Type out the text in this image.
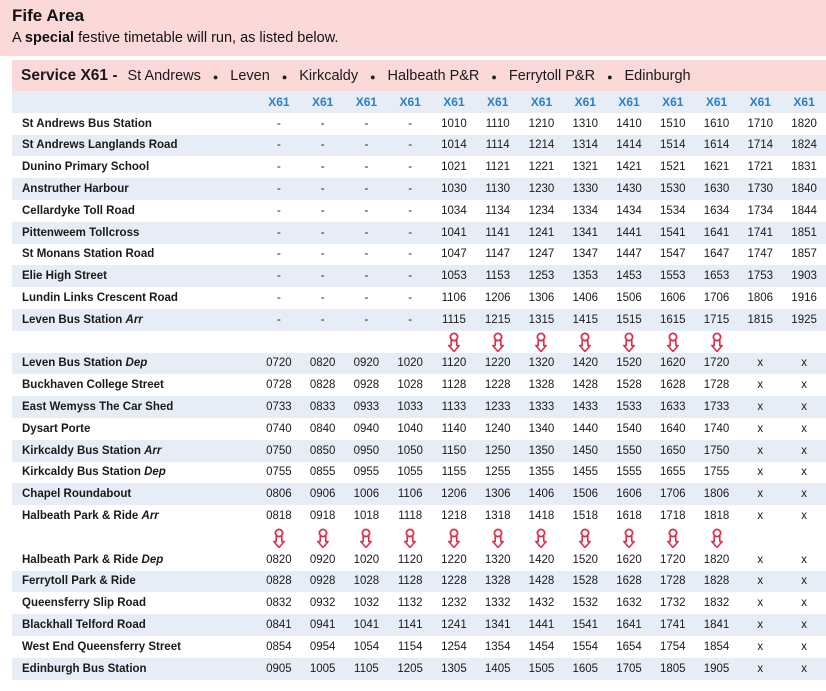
Fife Area
A special festive timetable will run, as listed below.
Service X61 - St Andrews ● Leven ● Kirkcaldy ● Halbeath P&R ● Ferrytoll P&R ● Edinburgh
	X61	X61	X61	X61	X61	X61	X61	X61	X61	X61	X61	X61	X61
St Andrews Bus Station	-	-	-	-	1010	1110	1210	1310	1410	1510	1610	1710	1820
St Andrews Langlands Road	-	-	-	-	1014	1114	1214	1314	1414	1514	1614	1714	1824
Dunino Primary School	-	-	-	-	1021	1121	1221	1321	1421	1521	1621	1721	1831
Anstruther Harbour	-	-	-	-	1030	1130	1230	1330	1430	1530	1630	1730	1840
Cellardyke Toll Road	-	-	-	-	1034	1134	1234	1334	1434	1534	1634	1734	1844
Pittenweem Tollcross	-	-	-	-	1041	1141	1241	1341	1441	1541	1641	1741	1851
St Monans Station Road	-	-	-	-	1047	1147	1247	1347	1447	1547	1647	1747	1857
Elie High Street	-	-	-	-	1053	1153	1253	1353	1453	1553	1653	1753	1903
Lundin Links Crescent Road	-	-	-	-	1106	1206	1306	1406	1506	1606	1706	1806	1916
Leven Bus Station Arr	-	-	-	-	1115	1215	1315	1415	1515	1615	1715	1815	1925

Leven Bus Station Dep	0720	0820	0920	1020	1120	1220	1320	1420	1520	1620	1720	x	x
Buckhaven College Street	0728	0828	0928	1028	1128	1228	1328	1428	1528	1628	1728	x	x
East Wemyss The Car Shed	0733	0833	0933	1033	1133	1233	1333	1433	1533	1633	1733	x	x
Dysart Porte	0740	0840	0940	1040	1140	1240	1340	1440	1540	1640	1740	x	x
Kirkcaldy Bus Station Arr	0750	0850	0950	1050	1150	1250	1350	1450	1550	1650	1750	x	x
Kirkcaldy Bus Station Dep	0755	0855	0955	1055	1155	1255	1355	1455	1555	1655	1755	x	x
Chapel Roundabout	0806	0906	1006	1106	1206	1306	1406	1506	1606	1706	1806	x	x
Halbeath Park & Ride Arr	0818	0918	1018	1118	1218	1318	1418	1518	1618	1718	1818	x	x

Halbeath Park & Ride Dep	0820	0920	1020	1120	1220	1320	1420	1520	1620	1720	1820	x	x
Ferrytoll Park & Ride	0828	0928	1028	1128	1228	1328	1428	1528	1628	1728	1828	x	x
Queensferry Slip Road	0832	0932	1032	1132	1232	1332	1432	1532	1632	1732	1832	x	x
Blackhall Telford Road	0841	0941	1041	1141	1241	1341	1441	1541	1641	1741	1841	x	x
West End Queensferry Street	0854	0954	1054	1154	1254	1354	1454	1554	1654	1754	1854	x	x
Edinburgh Bus Station	0905	1005	1105	1205	1305	1405	1505	1605	1705	1805	1905	x	x
